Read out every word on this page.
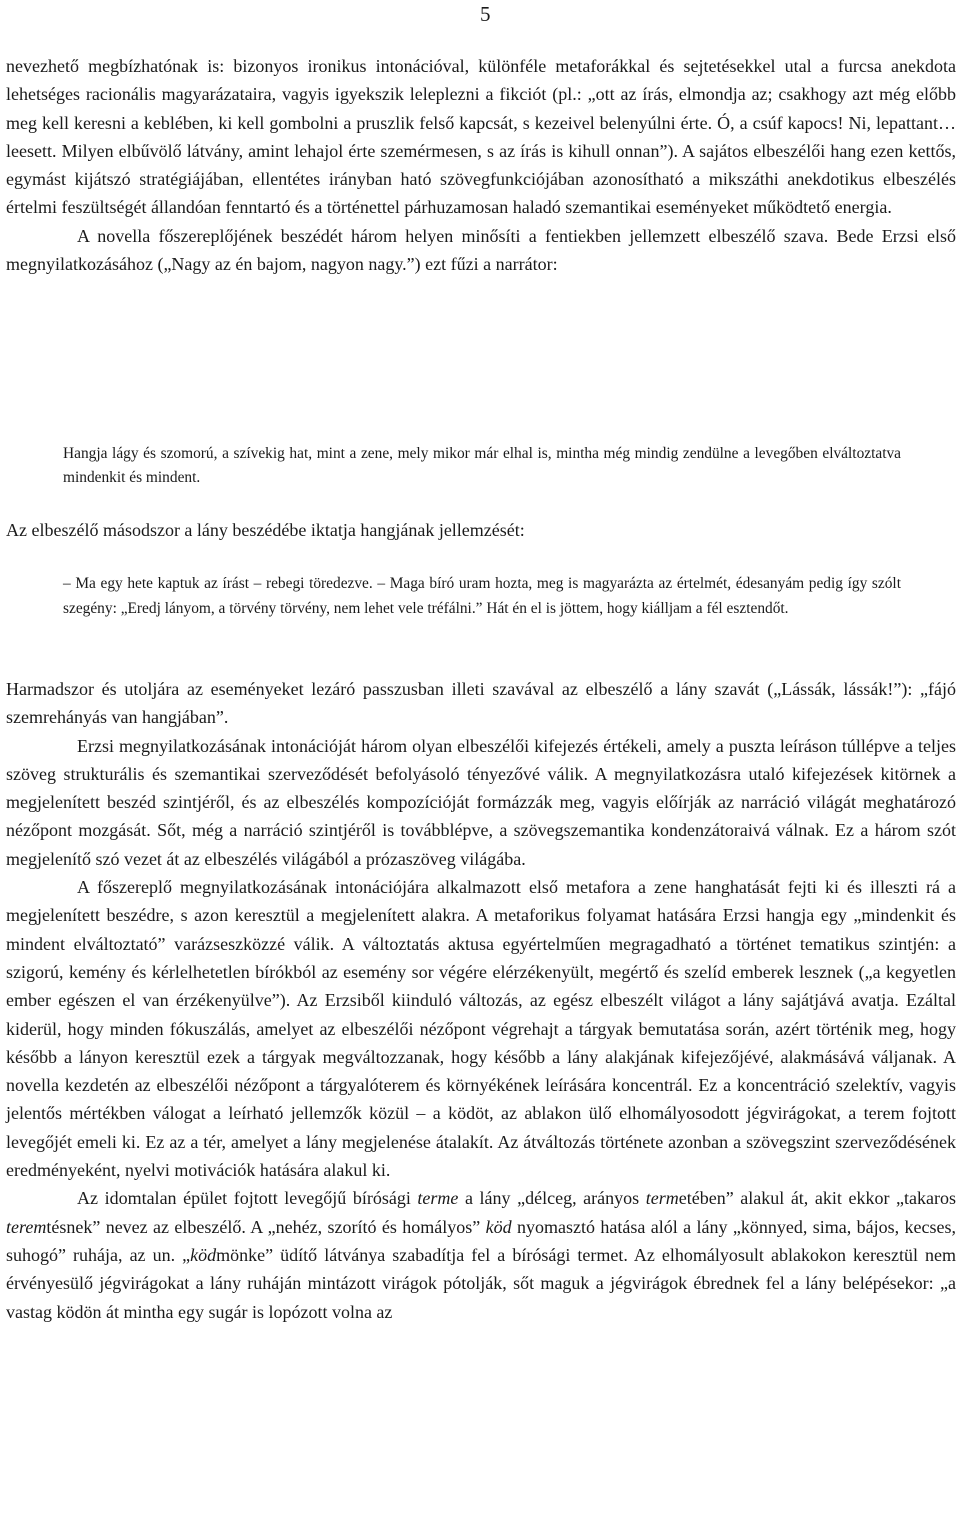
5

nevezhető megbízhatónak is: bizonyos ironikus intonációval, különféle metaforákkal és sejtetésekkel utal a furcsa anekdota lehetséges racionális magyarázataira, vagyis igyekszik leleplezni a fikciót (pl.: „ott az írás, elmondja az; csakhogy azt még előbb meg kell keresni a keblében, ki kell gombolni a pruszlik felső kapcsát, s kezeivel belenyúlni érte. Ó, a csúf kapocs! Ni, lepattant… leesett. Milyen elbűvölő látvány, amint lehajol érte szemérmesen, s az írás is kihull onnan”). A sajátos elbeszélői hang ezen kettős, egymást kijátszó stratégiájában, ellentétes irányban ható szövegfunkciójában azonosítható a mikszáthi anekdotikus elbeszélés értelmi feszültségét állandóan fenntartó és a történettel párhuzamosan haladó szemantikai eseményeket működtető energia.

A novella főszereplőjének beszédét három helyen minősíti a fentiekben jellemzett elbeszélő szava. Bede Erzsi első megnyilatkozásához („Nagy az én bajom, nagyon nagy.”) ezt fűzi a narrátor:

Hangja lágy és szomorú, a szívekig hat, mint a zene, mely mikor már elhal is, mintha még mindig zendülne a levegőben elváltoztatva mindenkit és mindent.

Az elbeszélő másodszor a lány beszédébe iktatja hangjának jellemzését:

– Ma egy hete kaptuk az írást – rebegi töredezve. – Maga bíró uram hozta, meg is magyarázta az értelmét, édesanyám pedig így szólt szegény: „Eredj lányom, a törvény törvény, nem lehet vele tréfálni.” Hát én el is jöttem, hogy kiálljam a fél esztendőt.

Harmadszor és utoljára az eseményeket lezáró passzusban illeti szavával az elbeszélő a lány szavát („Lássák, lássák!”): „fájó szemrehányás van hangjában”.

Erzsi megnyilatkozásának intonációját három olyan elbeszélői kifejezés értékeli, amely a puszta leíráson túllépve a teljes szöveg strukturális és szemantikai szerveződését befolyásoló tényezővé válik. A megnyilatkozásra utaló kifejezések kitörnek a megjelenített beszéd szintjéről, és az elbeszélés kompozícióját formázzák meg, vagyis előírják az narráció világát meghatározó nézőpont mozgását. Sőt, még a narráció szintjéről is továbblépve, a szövegszemantika kondenzátoraivá válnak. Ez a három szót megjelenítő szó vezet át az elbeszélés világából a prózaszöveg világába.

A főszereplő megnyilatkozásának intonációjára alkalmazott első metafora a zene hanghatását fejti ki és illeszti rá a megjelenített beszédre, s azon keresztül a megjelenített alakra. A metaforikus folyamat hatására Erzsi hangja egy „mindenkit és mindent elváltoztató” varázseszközzé válik. A változtatás aktusa egyértelműen megragadható a történet tematikus szintjén: a szigorú, kemény és kérlelhetetlen bírókból az esemény sor végére elérzékenyült, megértő és szelíd emberek lesznek („a kegyetlen ember egészen el van érzékenyülve”). Az Erzsiből kiinduló változás, az egész elbeszélt világot a lány sajátjává avatja. Ezáltal kiderül, hogy minden fókuszálás, amelyet az elbeszélői nézőpont végrehajt a tárgyak bemutatása során, azért történik meg, hogy később a lányon keresztül ezek a tárgyak megváltozzanak, hogy később a lány alakjának kifejezőjévé, alakmásává váljanak. A novella kezdetén az elbeszélői nézőpont a tárgyalóterem és környékének leírására koncentrál. Ez a koncentráció szelektív, vagyis jelentős mértékben válogat a leírható jellemzők közül – a ködöt, az ablakon ülő elhomályosodott jégvirágokat, a terem fojtott levegőjét emeli ki. Ez az a tér, amelyet a lány megjelenése átalakít. Az átváltozás története azonban a szövegszint szerveződésének eredményeként, nyelvi motivációk hatására alakul ki.

Az idomtalan épület fojtott levegőjű bírósági terme a lány „délceg, arányos termetében” alakul át, akit ekkor „takaros teremtésnek” nevez az elbeszélő. A „nehéz, szorító és homályos” köd nyomasztó hatása alól a lány „könnyed, sima, bájos, kecses, suhogó” ruhája, az un. „ködmönke” üdítő látványa szabadítja fel a bírósági termet. Az elhomályosult ablakokon keresztül nem érvényesülő jégvirágokat a lány ruháján mintázott virágok pótolják, sőt maguk a jégvirágok ébrednek fel a lány belépésekor: „a vastag ködön át mintha egy sugár is lopózott volna az
